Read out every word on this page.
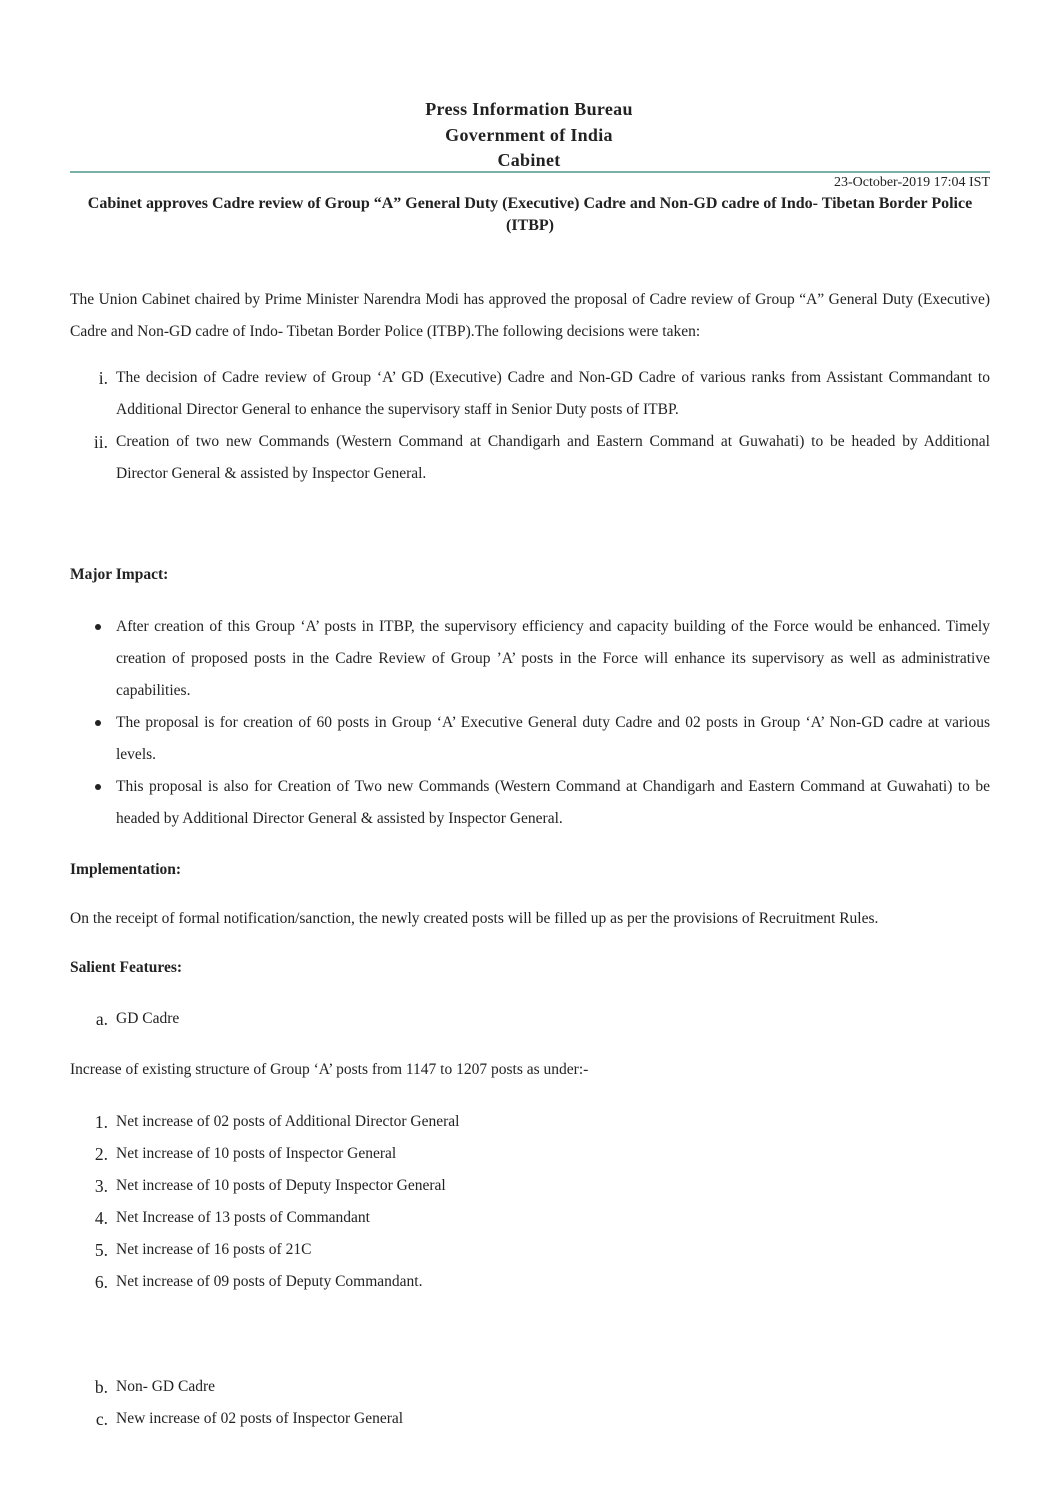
Press Information Bureau
Government of India
Cabinet
23-October-2019 17:04 IST
Cabinet approves Cadre review of Group “A” General Duty (Executive) Cadre and Non-GD cadre of Indo- Tibetan Border Police (ITBP)
The Union Cabinet chaired by Prime Minister Narendra Modi has approved the proposal of Cadre review of Group “A” General Duty (Executive) Cadre and Non-GD cadre of Indo- Tibetan Border Police (ITBP).The following decisions were taken:
i. The decision of Cadre review of Group ‘A’ GD (Executive) Cadre and Non-GD Cadre of various ranks from Assistant Commandant to Additional Director General to enhance the supervisory staff in Senior Duty posts of ITBP.
ii. Creation of two new Commands (Western Command at Chandigarh and Eastern Command at Guwahati) to be headed by Additional Director General & assisted by Inspector General.
Major Impact:
After creation of this Group ‘A’ posts in ITBP, the supervisory efficiency and capacity building of the Force would be enhanced. Timely creation of proposed posts in the Cadre Review of Group ’A’ posts in the Force will enhance its supervisory as well as administrative capabilities.
The proposal is for creation of 60 posts in Group ‘A’ Executive General duty Cadre and 02 posts in Group ‘A’ Non-GD cadre at various levels.
This proposal is also for Creation of Two new Commands (Western Command at Chandigarh and Eastern Command at Guwahati) to be headed by Additional Director General & assisted by Inspector General.
Implementation:
On the receipt of formal notification/sanction, the newly created posts will be filled up as per the provisions of Recruitment Rules.
Salient Features:
a. GD Cadre
Increase of existing structure of Group ‘A’ posts from 1147 to 1207 posts as under:-
1. Net increase of 02 posts of Additional Director General
2. Net increase of 10 posts of Inspector General
3. Net increase of 10 posts of Deputy Inspector General
4. Net Increase of 13 posts of Commandant
5. Net increase of 16 posts of 21C
6. Net increase of 09 posts of Deputy Commandant.
b. Non- GD Cadre
c. New increase of 02 posts of Inspector General
